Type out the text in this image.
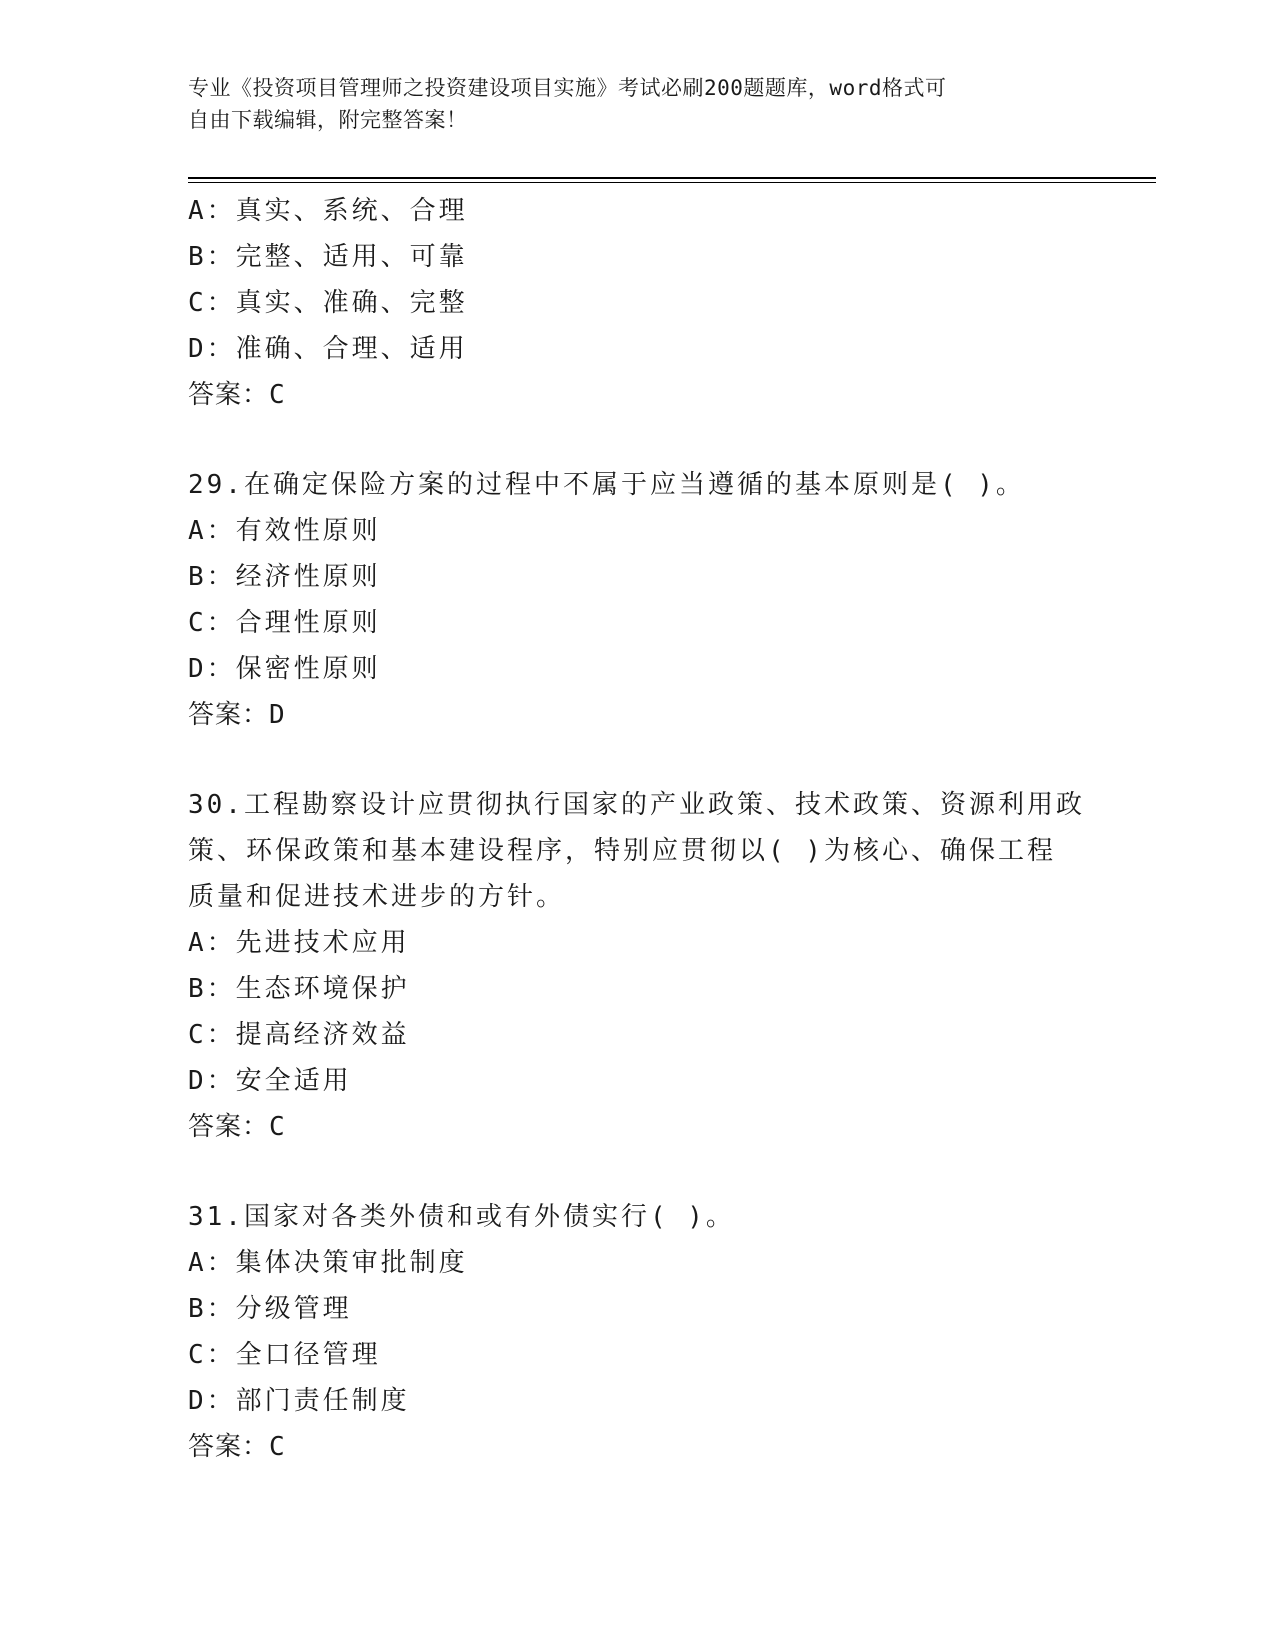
专业《投资项目管理师之投资建设项目实施》考试必刷200题题库，word格式可
自由下载编辑，附完整答案！
A：真实、系统、合理
B：完整、适用、可靠
C：真实、准确、完整
D：准确、合理、适用
答案：C
29.在确定保险方案的过程中不属于应当遵循的基本原则是( )。
A：有效性原则
B：经济性原则
C：合理性原则
D：保密性原则
答案：D
30.工程勘察设计应贯彻执行国家的产业政策、技术政策、资源利用政
策、环保政策和基本建设程序，特别应贯彻以( )为核心、确保工程
质量和促进技术进步的方针。
A：先进技术应用
B：生态环境保护
C：提高经济效益
D：安全适用
答案：C
31.国家对各类外债和或有外债实行( )。
A：集体决策审批制度
B：分级管理
C：全口径管理
D：部门责任制度
答案：C
